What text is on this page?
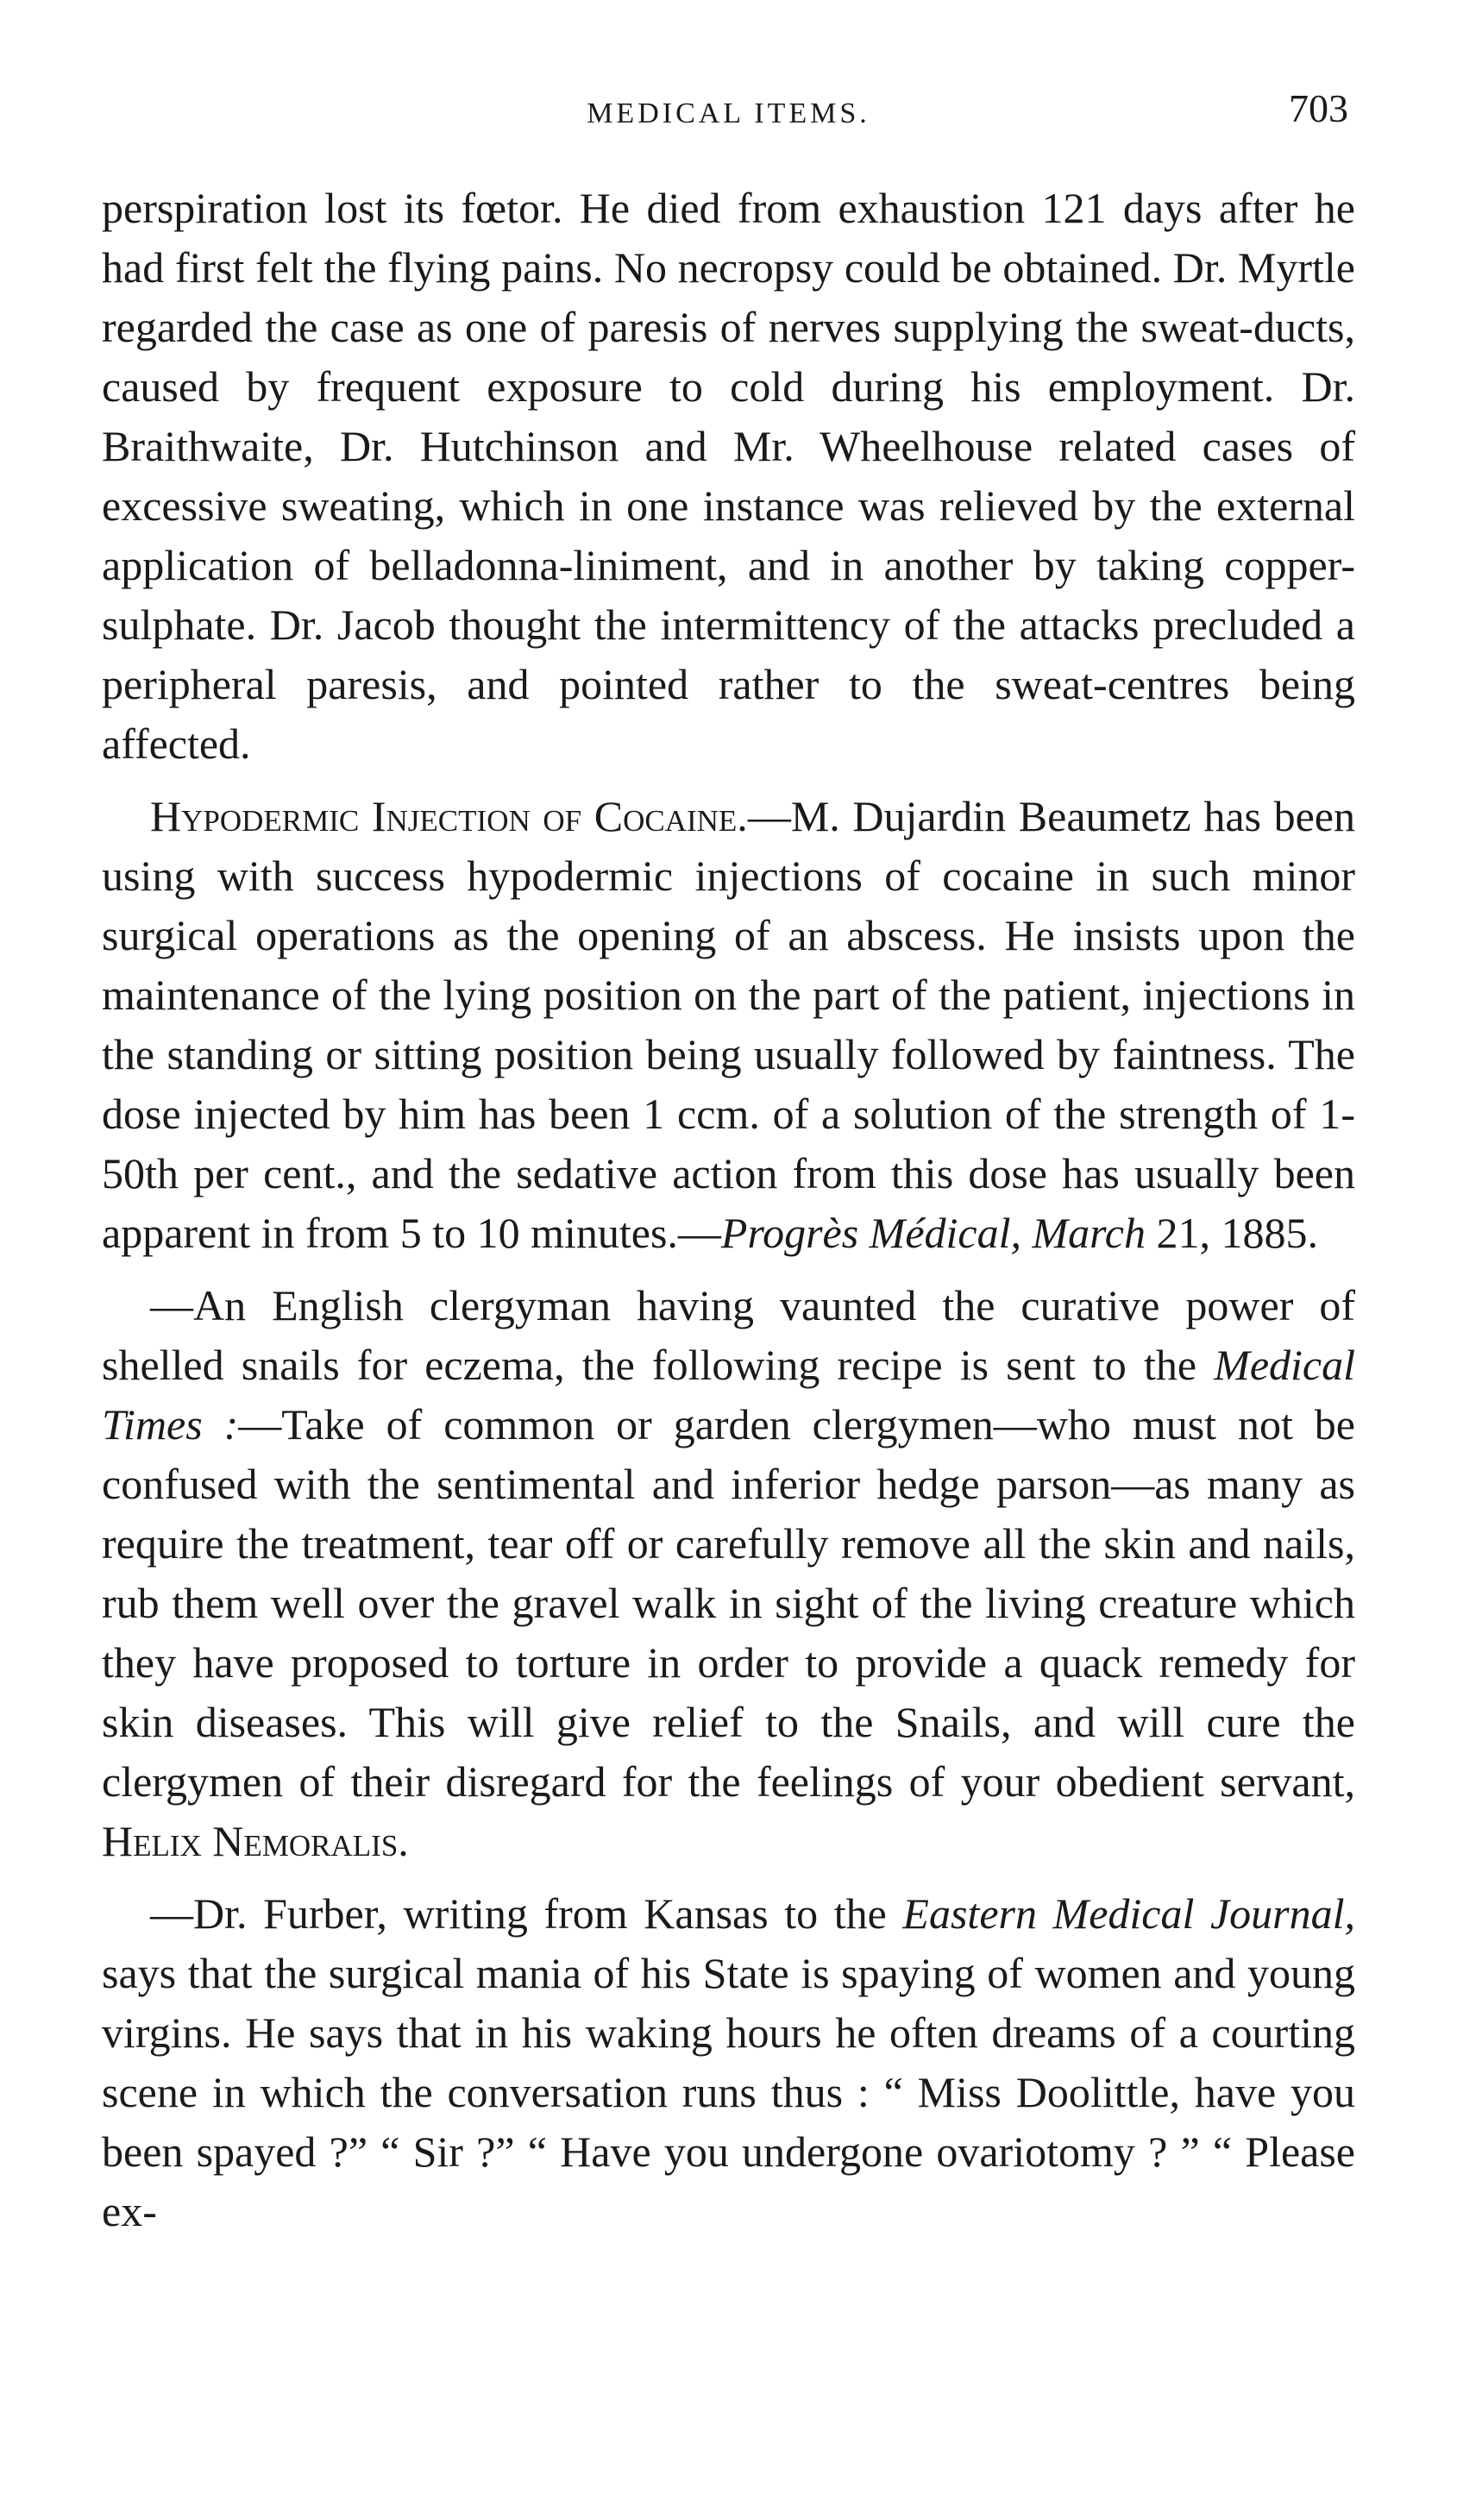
MEDICAL ITEMS.	703

perspiration lost its fœtor. He died from exhaustion 121 days after he had first felt the flying pains. No necropsy could be obtained. Dr. Myrtle regarded the case as one of paresis of nerves supplying the sweat-ducts, caused by frequent exposure to cold during his employment. Dr. Braithwaite, Dr. Hutchinson and Mr. Wheelhouse related cases of excessive sweating, which in one instance was relieved by the external application of belladonna-liniment, and in another by taking copper-sulphate. Dr. Jacob thought the intermittency of the attacks precluded a peripheral paresis, and pointed rather to the sweat-centres being affected.

Hypodermic Injection of Cocaine.—M. Dujardin Beaumetz has been using with success hypodermic injections of cocaine in such minor surgical operations as the opening of an abscess. He insists upon the maintenance of the lying position on the part of the patient, injections in the standing or sitting position being usually followed by faintness. The dose injected by him has been 1 ccm. of a solution of the strength of 1-50th per cent., and the sedative action from this dose has usually been apparent in from 5 to 10 minutes.—Progrès Médical, March 21, 1885.

—An English clergyman having vaunted the curative power of shelled snails for eczema, the following recipe is sent to the Medical Times :—Take of common or garden clergymen—who must not be confused with the sentimental and inferior hedge parson—as many as require the treatment, tear off or carefully remove all the skin and nails, rub them well over the gravel walk in sight of the living creature which they have proposed to torture in order to provide a quack remedy for skin diseases. This will give relief to the Snails, and will cure the clergymen of their disregard for the feelings of your obedient servant, Helix Nemoralis.

—Dr. Furber, writing from Kansas to the Eastern Medical Journal, says that the surgical mania of his State is spaying of women and young virgins. He says that in his waking hours he often dreams of a courting scene in which the conversation runs thus : “ Miss Doolittle, have you been spayed ?” “ Sir ?” “ Have you undergone ovariotomy ? ” “ Please ex-
